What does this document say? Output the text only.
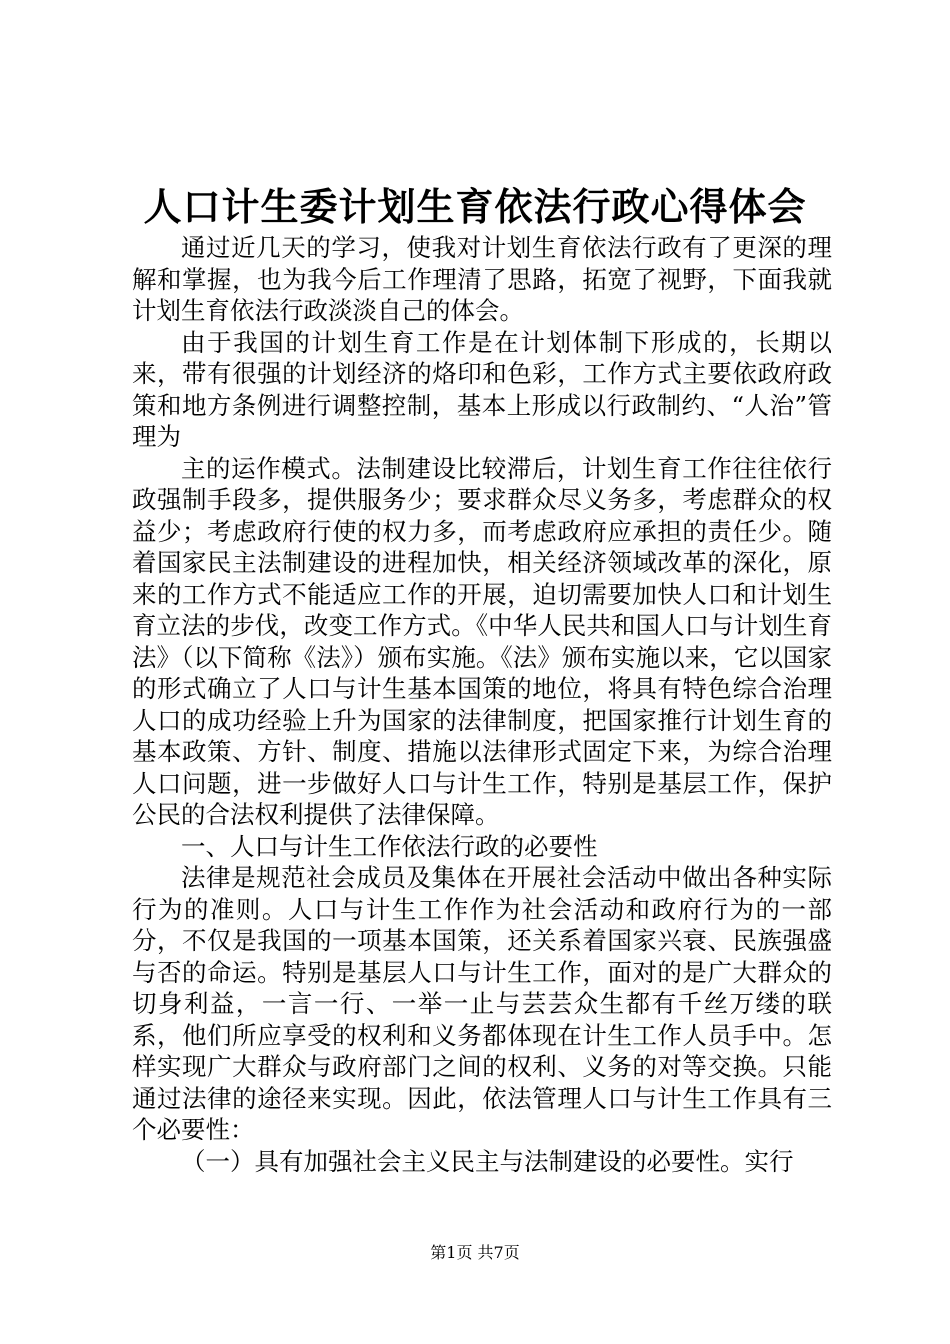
人口计生委计划生育依法行政心得体会

通过近几天的学习，使我对计划生育依法行政有了更深的理解和掌握，也为我今后工作理清了思路，拓宽了视野，下面我就计划生育依法行政淡淡自己的体会。

由于我国的计划生育工作是在计划体制下形成的，长期以来，带有很强的计划经济的烙印和色彩，工作方式主要依政府政策和地方条例进行调整控制，基本上形成以行政制约、“人治”管理为

主的运作模式。法制建设比较滞后，计划生育工作往往依行政强制手段多，提供服务少；要求群众尽义务多，考虑群众的权益少；考虑政府行使的权力多，而考虑政府应承担的责任少。随着国家民主法制建设的进程加快，相关经济领域改革的深化，原来的工作方式不能适应工作的开展，迫切需要加快人口和计划生育立法的步伐，改变工作方式。《中华人民共和国人口与计划生育法》（以下简称《法》）颁布实施。《法》颁布实施以来，它以国家的形式确立了人口与计生基本国策的地位，将具有特色综合治理人口的成功经验上升为国家的法律制度，把国家推行计划生育的基本政策、方针、制度、措施以法律形式固定下来，为综合治理人口问题，进一步做好人口与计生工作，特别是基层工作，保护公民的合法权利提供了法律保障。

一、人口与计生工作依法行政的必要性

法律是规范社会成员及集体在开展社会活动中做出各种实际行为的准则。人口与计生工作作为社会活动和政府行为的一部分，不仅是我国的一项基本国策，还关系着国家兴衰、民族强盛与否的命运。特别是基层人口与计生工作，面对的是广大群众的切身利益，一言一行、一举一止与芸芸众生都有千丝万缕的联系，他们所应享受的权利和义务都体现在计生工作人员手中。怎样实现广大群众与政府部门之间的权利、义务的对等交换。只能通过法律的途径来实现。因此，依法管理人口与计生工作具有三个必要性：

（一）具有加强社会主义民主与法制建设的必要性。实行

第1页 共7页
